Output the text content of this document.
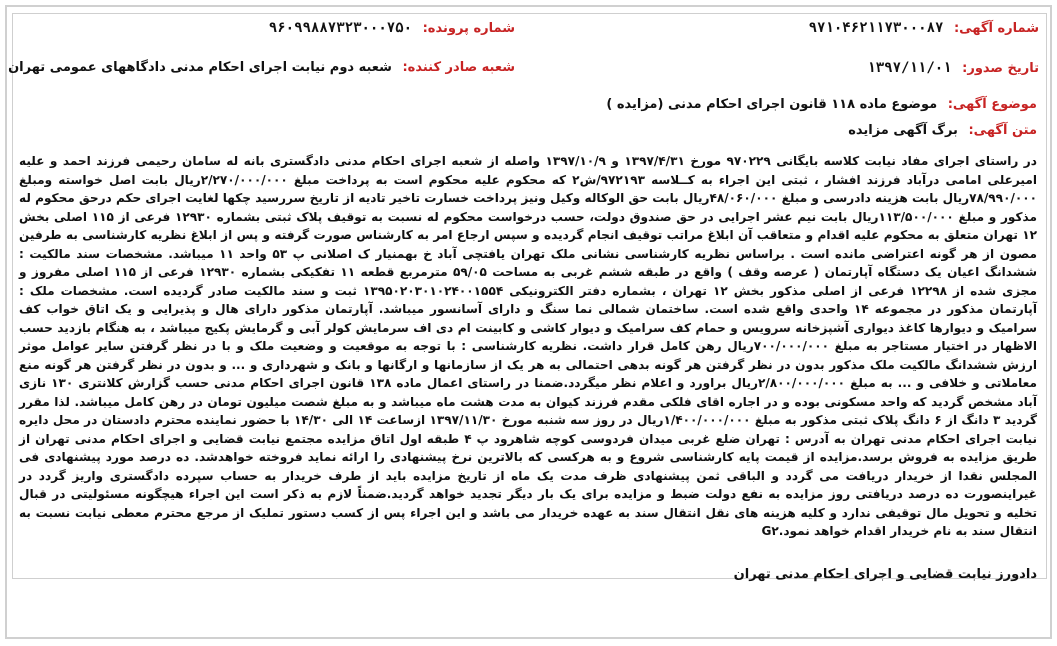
شماره آگهی: ۹۷۱۰۴۶۲۱۱۷۳۰۰۰۸۷
تاریخ صدور: ۱۳۹۷/۱۱/۰۱
شماره پرونده: ۹۶۰۹۹۸۸۷۳۲۳۰۰۰۷۵۰
شعبه صادر کننده: شعبه دوم نیابت اجرای احکام مدنی دادگاههای عمومی تهران
موضوع آگهی: موضوع ماده ۱۱۸ قانون اجرای احکام مدنی (مزایده )
متن آگهی: برگ آگهی مزایده
در راستای اجرای مفاد نیابت کلاسه بایگانی ۹۷۰۲۲۹ مورخ ۱۳۹۷/۴/۳۱ و ۱۳۹۷/۱۰/۹ واصله از شعبه اجرای احکام مدنی دادگستری بانه له سامان رحیمی فرزند احمد و علیه امیرعلی امامی درآباد فرزند افشار ، ثبتی این اجراء به کــلاسه ۹۷۲۱۹۳/ش۲ که محکوم علیه محکوم است به پرداخت مبلغ ۲/۲۷۰/۰۰۰/۰۰۰ریال بابت اصل خواسته ومبلغ ۷۸/۹۹۰/۰۰۰ریال بابت هزینه دادرسی و مبلغ ۴۸/۰۶۰/۰۰۰ریال بابت حق الوکاله وکیل ونیز پرداخت خسارت تاخیر تادیه از تاریخ سررسید چکها لغایت اجرای حکم درحق محکوم له مذکور و مبلغ ۱۱۳/۵۰۰/۰۰۰ریال بابت نیم عشر اجرایی در حق صندوق دولت، حسب درخواست محکوم له نسبت به توقیف پلاک ثبتی بشماره ۱۲۹۳۰ فرعی از ۱۱۵ اصلی بخش ۱۲ تهران متعلق به محکوم علیه اقدام و متعاقب آن ابلاغ مراتب توقیف انجام گردیده و سپس ارجاع امر به کارشناس صورت گرفته و پس از ابلاغ نظریه کارشناسی به طرفین مصون از هر گونه اعتراضی مانده است . براساس نظریه کارشناسی نشانی ملک تهران یافتچی آباد خ بهمنیار ک اصلانی پ ۵۳ واحد ۱۱ میباشد. مشخصات سند مالکیت : ششدانگ اعیان یک دستگاه آپارتمان ( عرصه وقف ) واقع در طبقه ششم غربی به مساحت ۵۹/۰۵ مترمربع قطعه ۱۱ تفکیکی بشماره ۱۲۹۳۰ فرعی از ۱۱۵ اصلی مفروز و مجزی شده از ۱۲۲۹۸ فرعی از اصلی مذکور بخش ۱۲ تهران ، بشماره دفتر الکترونیکی ۱۳۹۵۰۲۰۳۰۱۰۲۴۰۰۱۵۵۴ ثبت و سند مالکیت صادر گردیده است. مشخصات ملک : آپارتمان مذکور در مجموعه ۱۴ واحدی واقع شده است. ساختمان شمالی نما سنگ و دارای آسانسور میباشد. آپارتمان مذکور دارای هال و پذیرایی و یک اتاق خواب کف سرامیک و دیوارها کاغذ دیواری آشپزخانه سرویس و حمام کف سرامیک و دیوار کاشی و کابینت ام دی اف سرمایش کولر آبی و گرمایش پکیج میباشد ، به هنگام بازدید حسب الاظهار در اختیار مستاجر به مبلغ ۷۰۰/۰۰۰/۰۰۰ریال رهن کامل قرار داشت. نظریه کارشناسی : با توجه به موقعیت و وضعیت ملک و با در نظر گرفتن سایر عوامل موثر ارزش ششدانگ مالکیت ملک مذکور بدون در نظر گرفتن هر گونه بدهی احتمالی به هر یک از سازمانها و ارگانها و بانک و شهرداری و ... و بدون در نظر گرفتن هر گونه منع معاملاتی و خلافی و ... به مبلغ ۲/۸۰۰/۰۰۰/۰۰۰ریال براورد و اعلام نظر میگردد.ضمنا در راستای اعمال ماده ۱۳۸ قانون اجرای احکام مدنی حسب گزارش کلانتری ۱۳۰ نازی آباد مشخص گردید که واحد مسکونی بوده و در اجاره اقای فلکی مقدم فرزند کیوان به مدت هشت ماه میباشد و به مبلغ شصت میلیون تومان در رهن کامل میباشد. لذا مقرر گردید ۳ دانگ از ۶ دانگ پلاک ثبتی مذکور به مبلغ ۱/۴۰۰/۰۰۰/۰۰۰ریال در روز سه شنبه مورخ ۱۳۹۷/۱۱/۳۰ ازساعت ۱۴ الی ۱۴/۳۰ با حضور نماینده محترم دادستان در محل دایره نیابت اجرای احکام مدنی تهران به آدرس : تهران ضلع غربی میدان فردوسی کوچه شاهرود پ ۴ طبقه اول اتاق مزایده مجتمع نیابت قضایی و اجرای احکام مدنی تهران از طریق مزایده به فروش برسد.مزایده از قیمت پایه کارشناسی شروع و به هرکسی که بالاترین نرخ پیشنهادی را ارائه نماید فروخته خواهدشد. ده درصد مورد پیشنهادی فی المجلس نقدا از خریدار دریافت می گردد و الباقی ثمن پیشنهادی ظرف مدت یک ماه از تاریخ مزایده باید از طرف خریدار به حساب سپرده دادگستری واریز گردد در غیراینصورت ده درصد دریافتی روز مزایده به نفع دولت ضبط و مزایده برای یک بار دیگر تجدید خواهد گردید.ضمناً لازم به ذکر است این اجراء هیچگونه مسئولیتی در قبال تخلیه و تحویل مال توقیفی ندارد و کلیه هزینه های نقل انتقال سند به عهده خریدار می باشد و این اجراء پس از کسب دستور تملیک از مرجع محترم معطی نیابت نسبت به انتقال سند به نام خریدار اقدام خواهد نمود.G۲
دادورز نیابت قضایی و اجرای احکام مدنی تهران
